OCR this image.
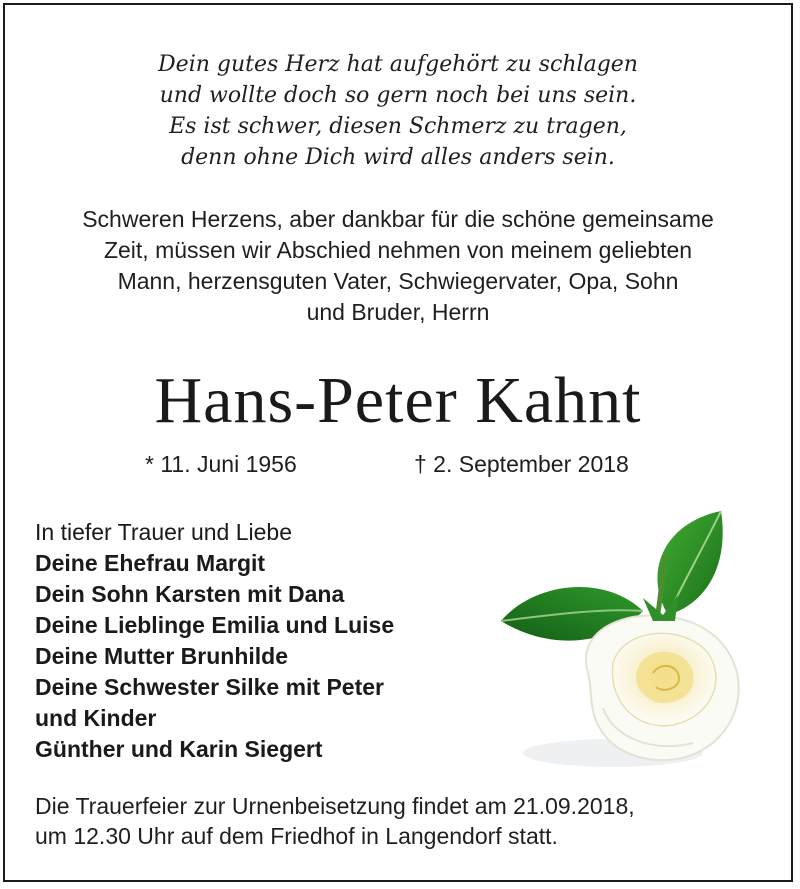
Dein gutes Herz hat aufgehört zu schlagen
und wollte doch so gern noch bei uns sein.
Es ist schwer, diesen Schmerz zu tragen,
denn ohne Dich wird alles anders sein.
Schweren Herzens, aber dankbar für die schöne gemeinsame
Zeit, müssen wir Abschied nehmen von meinem geliebten
Mann, herzensguten Vater, Schwiegervater, Opa, Sohn
und Bruder, Herrn
Hans-Peter Kahnt
* 11. Juni 1956	† 2. September 2018
In tiefer Trauer und Liebe
Deine Ehefrau Margit
Dein Sohn Karsten mit Dana
Deine Lieblinge Emilia und Luise
Deine Mutter Brunhilde
Deine Schwester Silke mit Peter
und Kinder
Günther und Karin Siegert
Die Trauerfeier zur Urnenbeisetzung findet am 21.09.2018,
um 12.30 Uhr auf dem Friedhof in Langendorf statt.
